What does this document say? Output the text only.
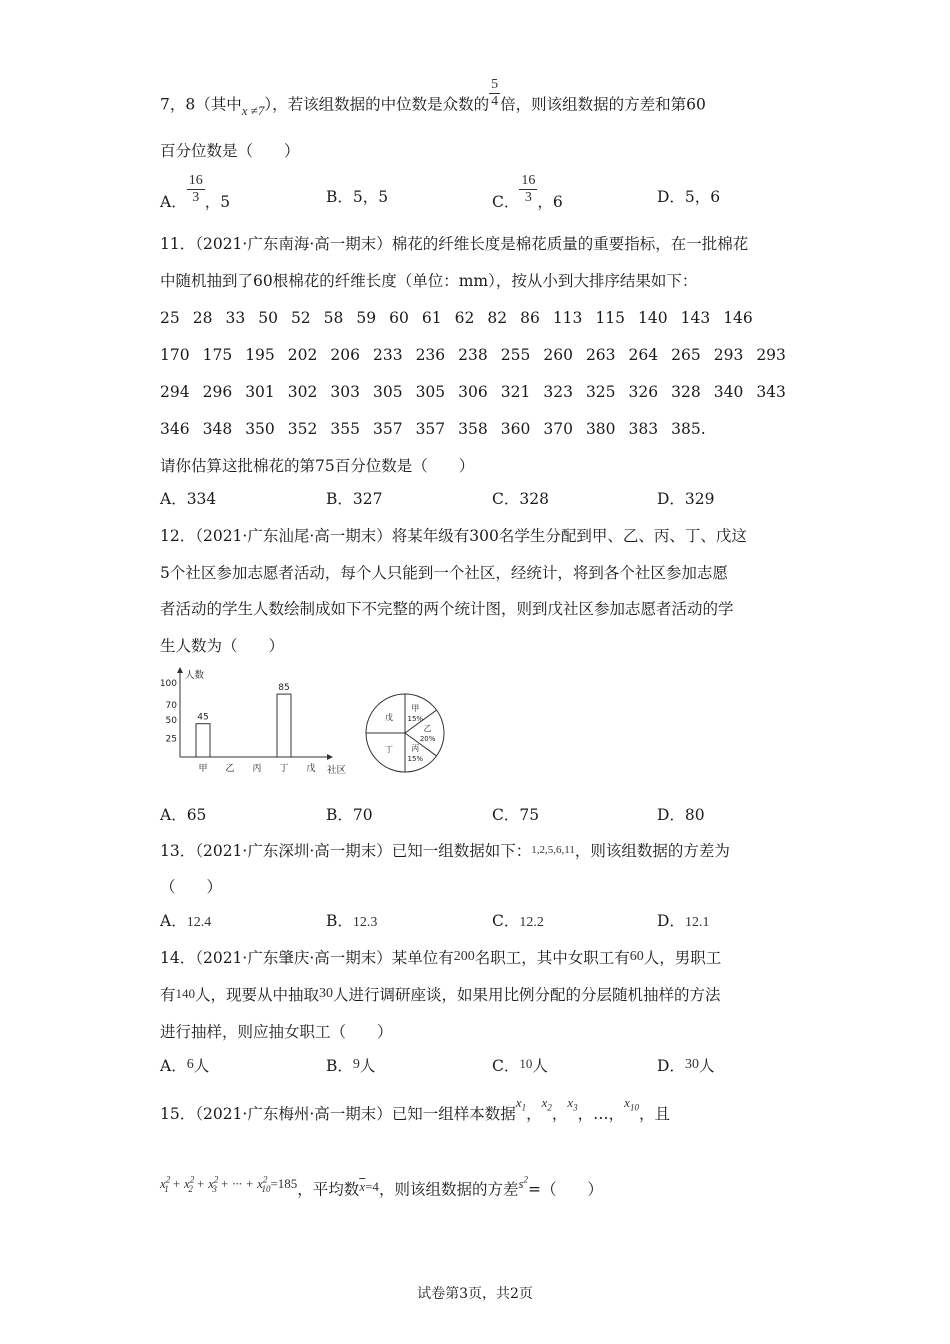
7，8（其中$_{x \ne 7}$），若该组数据的中位数是众数的 $\frac{5}{4}$ 倍，则该组数据的方差和第60
百分位数是（　　）
A． $\frac{16}{3}$ ，5	B．5，5	C． $\frac{16}{3}$ ，6	D．5，6
11．（2021·广东南海·高一期末）棉花的纤维长度是棉花质量的重要指标，在一批棉花
中随机抽到了60根棉花的纤维长度（单位：mm），按从小到大排序结果如下：
25 28 33 50 52 58 59 60 61 62 82 86 113 115 140 143 146
170 175 195 202 206 233 236 238 255 260 263 264 265 293 293
294 296 301 302 303 305 305 306 321 323 325 326 328 340 343
346 348 350 352 355 357 357 358 360 370 380 383 385.
请你估算这批棉花的第75百分位数是（　　）
A．334	B．327	C．328	D．329
12．（2021·广东汕尾·高一期末）将某年级有300名学生分配到甲、乙、丙、丁、戊这
5个社区参加志愿者活动，每个人只能到一个社区，经统计，将到各个社区参加志愿
者活动的学生人数绘制成如下不完整的两个统计图，则到戊社区参加志愿者活动的学
生人数为（　　）
人数
社区
25
50
70
100
45
85
甲 乙 丙 丁 戊
甲
15%
乙
20%
丙
15%
丁
戊
A．65	B．70	C．75	D．80
13．（2021·广东深圳·高一期末）已知一组数据如下：1,2,5,6,11，则该组数据的方差为
（　　）
A．12.4	B．12.3	C．12.2	D．12.1
14．（2021·广东肇庆·高一期末）某单位有200名职工，其中女职工有60人，男职工
有140人，现要从中抽取30人进行调研座谈，如果用比例分配的分层随机抽样的方法
进行抽样，则应抽女职工（　　）
A．6人	B．9人	C．10人	D．30人
15．（2021·广东梅州·高一期末）已知一组样本数据$^{x_1}$，$^{x_2}$，$^{x_3}$，…，$^{x_{10}}$，且
$^{x^2_1 + x^2_2 + x^2_3 + \cdot\cdot\cdot + x^2_{10}=185}$，平均数$\overline{x}=4$，则该组数据的方差$^{s^2}$=（　　）
试卷第3页，共2页
